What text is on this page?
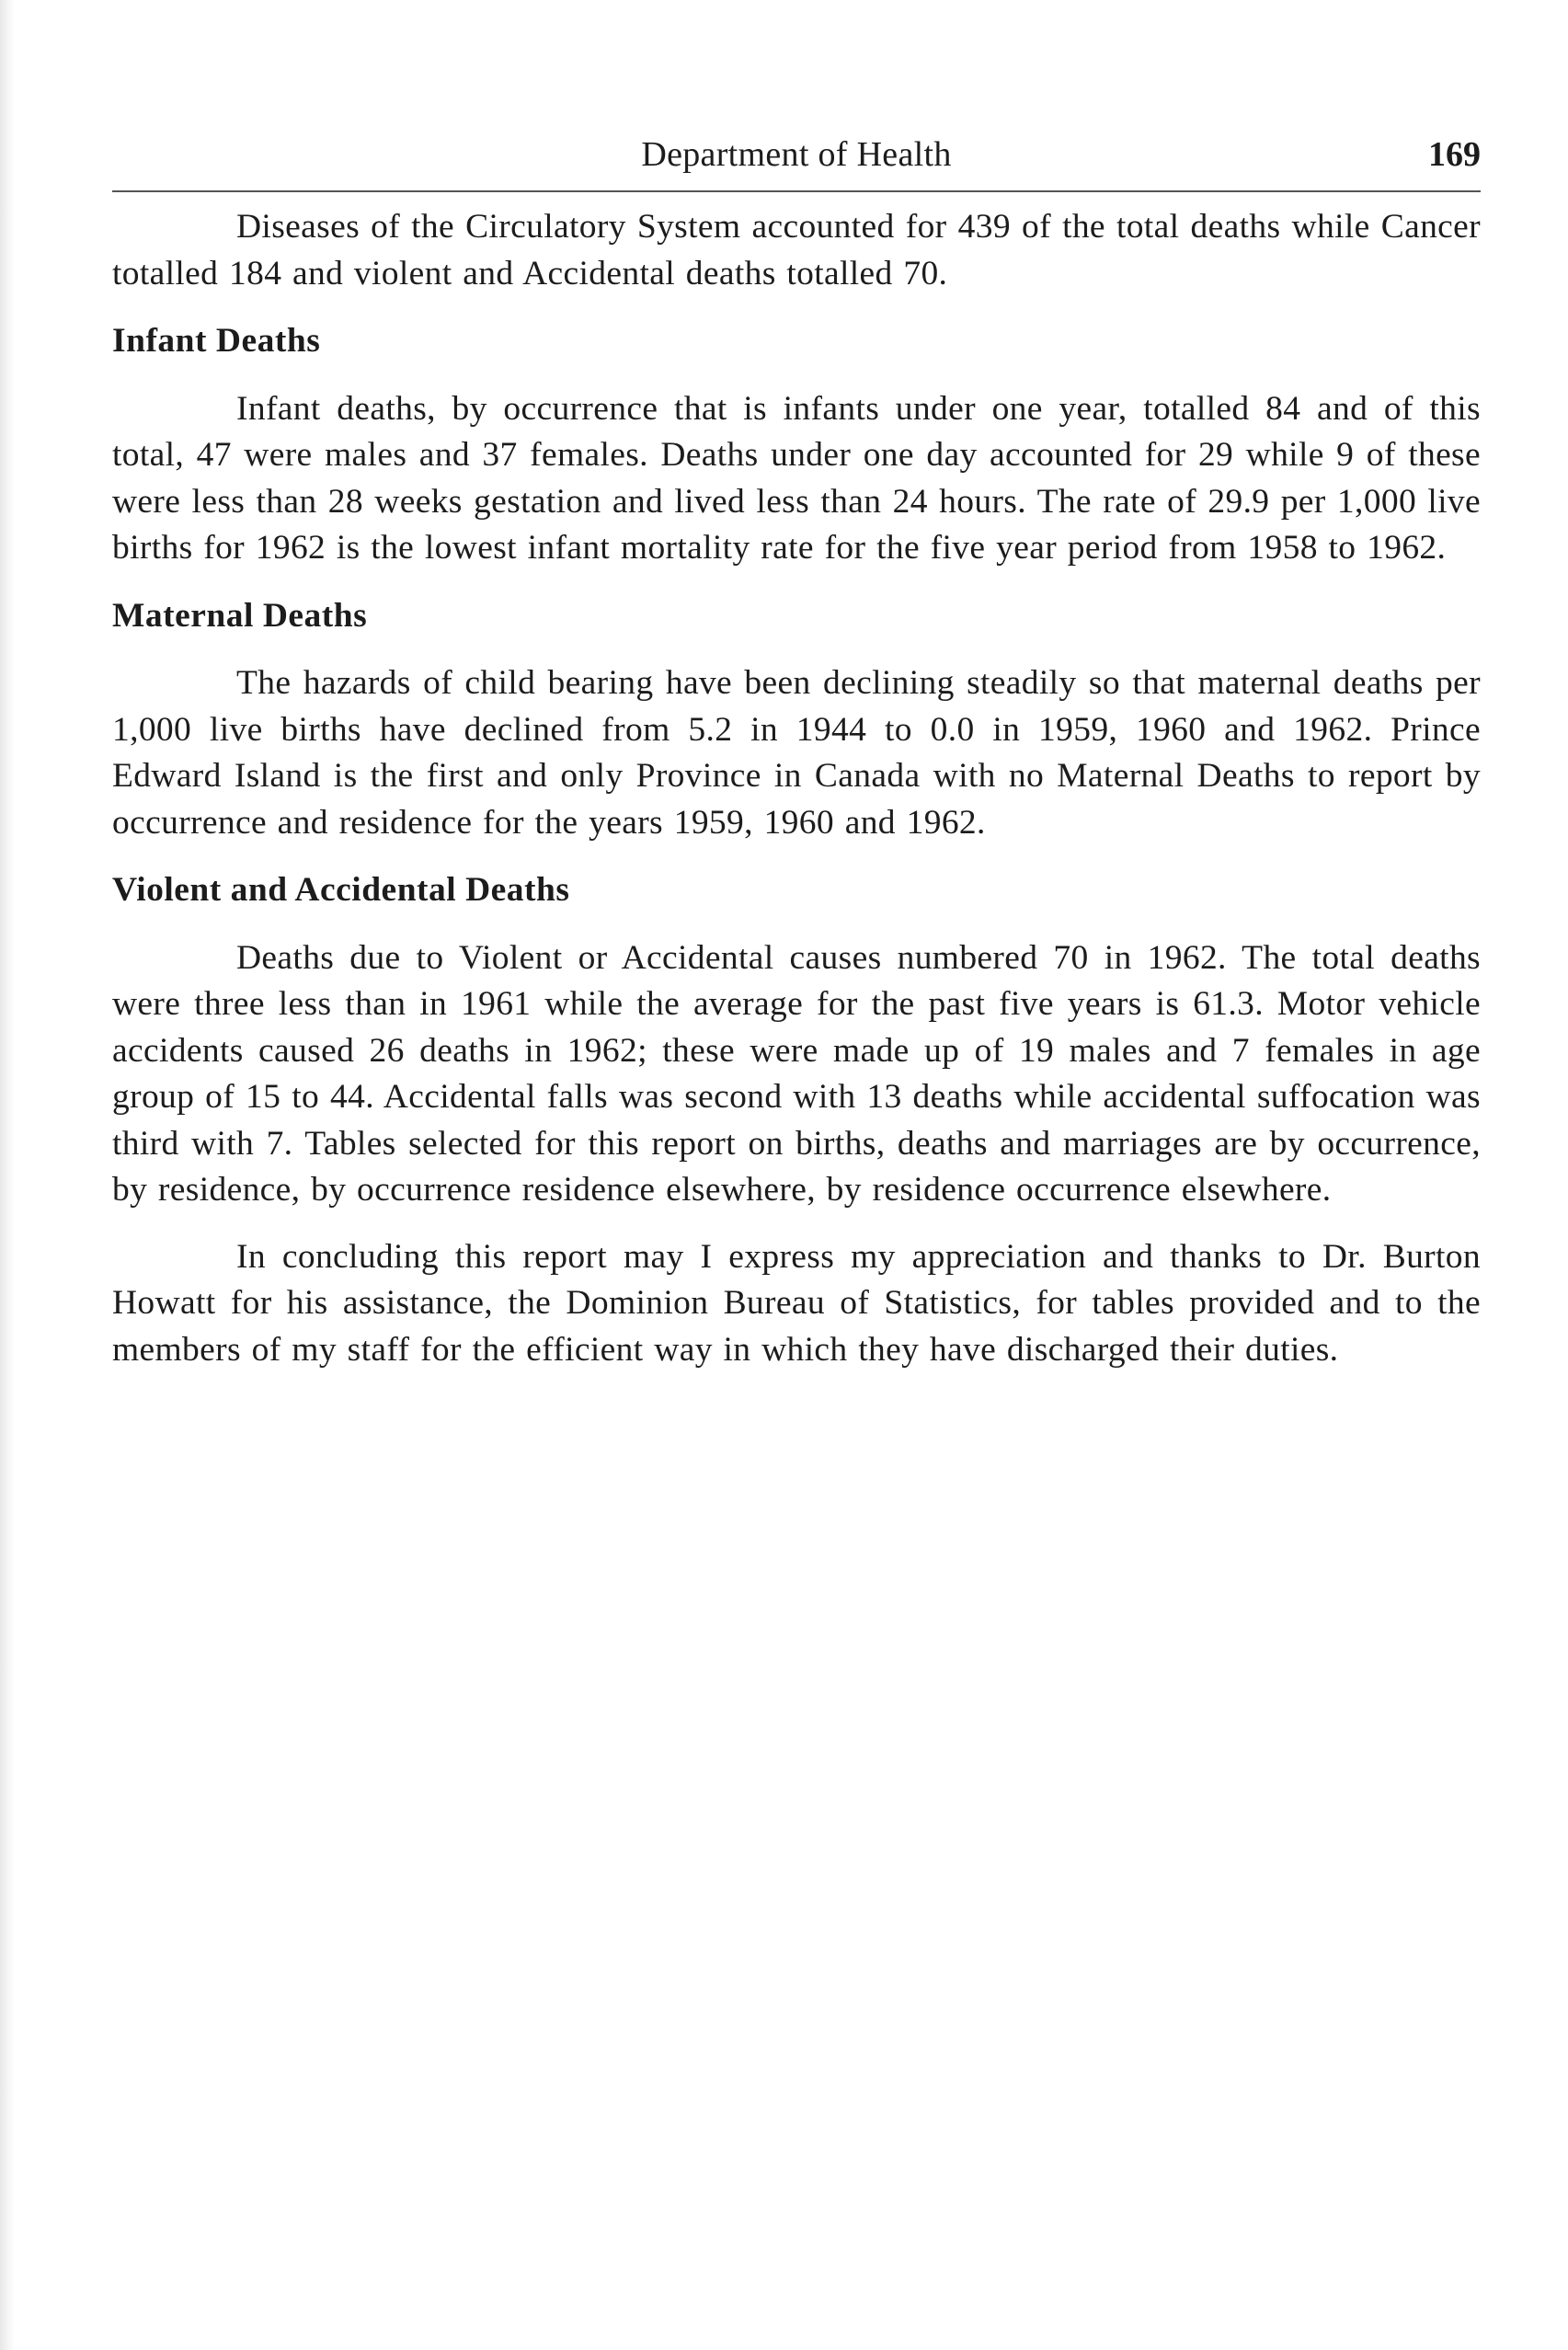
Department of Health	169

Diseases of the Circulatory System accounted for 439 of the total deaths while Cancer totalled 184 and violent and Accidental deaths totalled 70.

Infant Deaths

Infant deaths, by occurrence that is infants under one year, totalled 84 and of this total, 47 were males and 37 females. Deaths under one day accounted for 29 while 9 of these were less than 28 weeks gestation and lived less than 24 hours. The rate of 29.9 per 1,000 live births for 1962 is the lowest infant mortality rate for the five year period from 1958 to 1962.

Maternal Deaths

The hazards of child bearing have been declining steadily so that maternal deaths per 1,000 live births have declined from 5.2 in 1944 to 0.0 in 1959, 1960 and 1962. Prince Edward Island is the first and only Province in Canada with no Maternal Deaths to report by occurrence and residence for the years 1959, 1960 and 1962.

Violent and Accidental Deaths

Deaths due to Violent or Accidental causes numbered 70 in 1962. The total deaths were three less than in 1961 while the average for the past five years is 61.3. Motor vehicle accidents caused 26 deaths in 1962; these were made up of 19 males and 7 females in age group of 15 to 44. Accidental falls was second with 13 deaths while accidental suffocation was third with 7. Tables selected for this report on births, deaths and marriages are by occurrence, by residence, by occurrence residence elsewhere, by residence occurrence elsewhere.

In concluding this report may I express my appreciation and thanks to Dr. Burton Howatt for his assistance, the Dominion Bureau of Statistics, for tables provided and to the members of my staff for the efficient way in which they have discharged their duties.
